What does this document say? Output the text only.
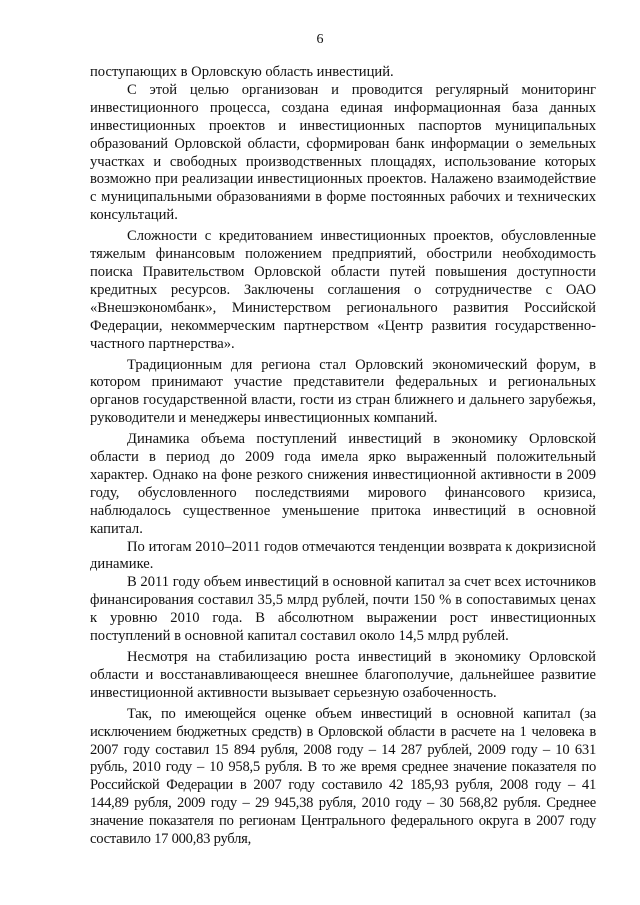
6

поступающих в Орловскую область инвестиций.

С этой целью организован и проводится регулярный мониторинг инвестиционного процесса, создана единая информационная база данных инвестиционных проектов и инвестиционных паспортов муниципальных образований Орловской области, сформирован банк информации о земельных участках и свободных производственных площадях, использование которых возможно при реализации инвестиционных проектов. Налажено взаимодействие с муниципальными образованиями в форме постоянных рабочих и технических консультаций.

Сложности с кредитованием инвестиционных проектов, обусловленные тяжелым финансовым положением предприятий, обострили необходимость поиска Правительством Орловской области путей повышения доступности кредитных ресурсов. Заключены соглашения о сотрудничестве с ОАО «Внешэкономбанк», Министерством регионального развития Российской Федерации, некоммерческим партнерством «Центр развития государственно-частного партнерства».

Традиционным для региона стал Орловский экономический форум, в котором принимают участие представители федеральных и региональных органов государственной власти, гости из стран ближнего и дальнего зарубежья, руководители и менеджеры инвестиционных компаний.

Динамика объема поступлений инвестиций в экономику Орловской области в период до 2009 года имела ярко выраженный положительный характер. Однако на фоне резкого снижения инвестиционной активности в 2009 году, обусловленного последствиями мирового финансового кризиса, наблюдалось существенное уменьшение притока инвестиций в основной капитал.

По итогам 2010–2011 годов отмечаются тенденции возврата к докризисной динамике.

В 2011 году объем инвестиций в основной капитал за счет всех источников финансирования составил 35,5 млрд рублей, почти 150 % в сопоставимых ценах к уровню 2010 года. В абсолютном выражении рост инвестиционных поступлений в основной капитал составил около 14,5 млрд рублей.

Несмотря на стабилизацию роста инвестиций в экономику Орловской области и восстанавливающееся внешнее благополучие, дальнейшее развитие инвестиционной активности вызывает серьезную озабоченность.

Так, по имеющейся оценке объем инвестиций в основной капитал (за исключением бюджетных средств) в Орловской области в расчете на 1 человека в 2007 году составил 15 894 рубля, 2008 году – 14 287 рублей, 2009 году – 10 631 рубль, 2010 году – 10 958,5 рубля. В то же время среднее значение показателя по Российской Федерации в 2007 году составило 42 185,93 рубля, 2008 году – 41 144,89 рубля, 2009 году – 29 945,38 рубля, 2010 году – 30 568,82 рубля. Среднее значение показателя по регионам Центрального федерального округа в 2007 году составило 17 000,83 рубля,
